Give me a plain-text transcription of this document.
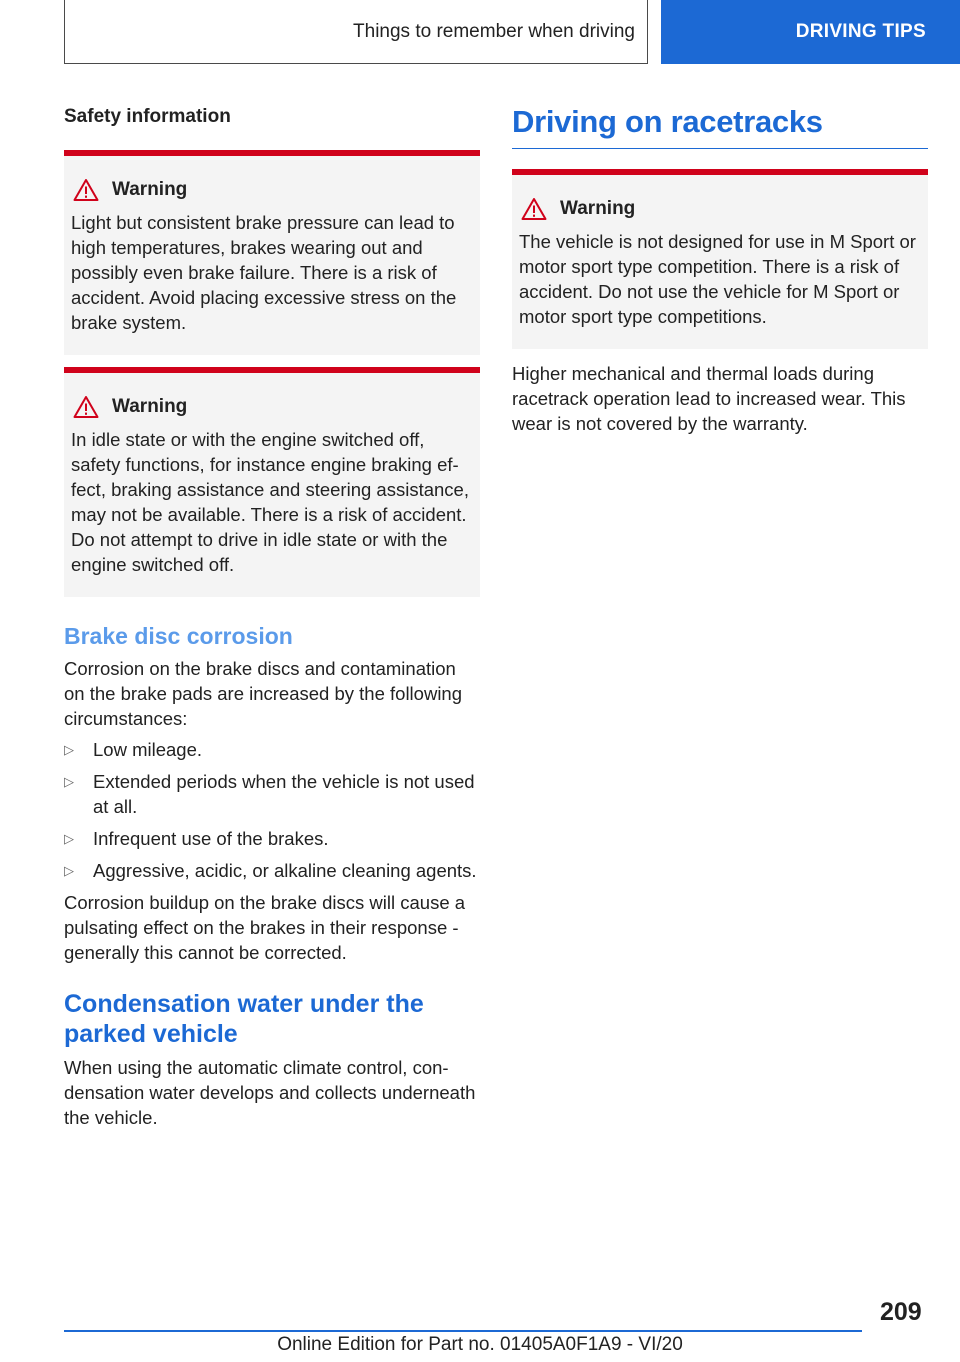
Things to remember when driving	DRIVING TIPS
Safety information
Warning

Light but consistent brake pressure can lead to high temperatures, brakes wearing out and possibly even brake failure. There is a risk of accident. Avoid placing excessive stress on the brake system.

Warning

In idle state or with the engine switched off, safety functions, for instance engine braking effect, braking assistance and steering assistance, may not be available. There is a risk of accident. Do not attempt to drive in idle state or with the engine switched off.

Brake disc corrosion

Corrosion on the brake discs and contamination on the brake pads are increased by the following circumstances:

▷	Low mileage.
▷	Extended periods when the vehicle is not used at all.
▷	Infrequent use of the brakes.
▷	Aggressive, acidic, or alkaline cleaning agents.

Corrosion buildup on the brake discs will cause a pulsating effect on the brakes in their response - generally this cannot be corrected.

Condensation water under the parked vehicle

When using the automatic climate control, condensation water develops and collects underneath the vehicle.

Driving on racetracks
Warning

The vehicle is not designed for use in M Sport or motor sport type competition. There is a risk of accident. Do not use the vehicle for M Sport or motor sport type competitions.

Higher mechanical and thermal loads during racetrack operation lead to increased wear. This wear is not covered by the warranty.

209
Online Edition for Part no. 01405A0F1A9 - VI/20
